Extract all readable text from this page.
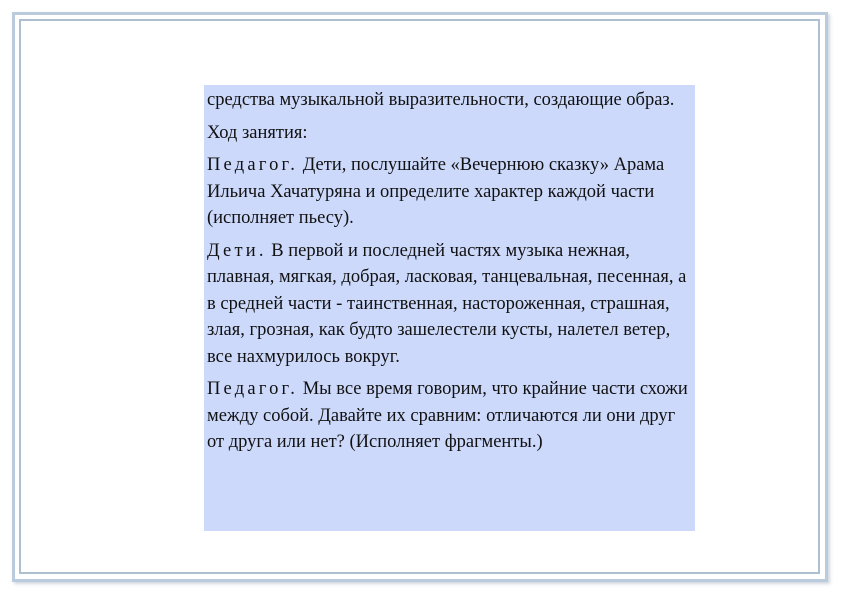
средства музыкальной выразительности, создающие образ.

Ход занятия:

Педагог. Дети, послушайте «Вечернюю сказку» Арама Ильича Хачатуряна и определите характер каждой части (исполняет пьесу).

Дети. В первой и последней частях музыка нежная, плавная, мягкая, добрая, ласковая, танцевальная, песенная, а в средней части - таинственная, настороженная, страшная, злая, грозная, как будто зашелестели кусты, налетел ветер, все нахмурилось вокруг.

Педагог. Мы все время говорим, что крайние части схожи между собой. Давайте их сравним: отличаются ли они друг от друга или нет? (Исполняет фрагменты.)
